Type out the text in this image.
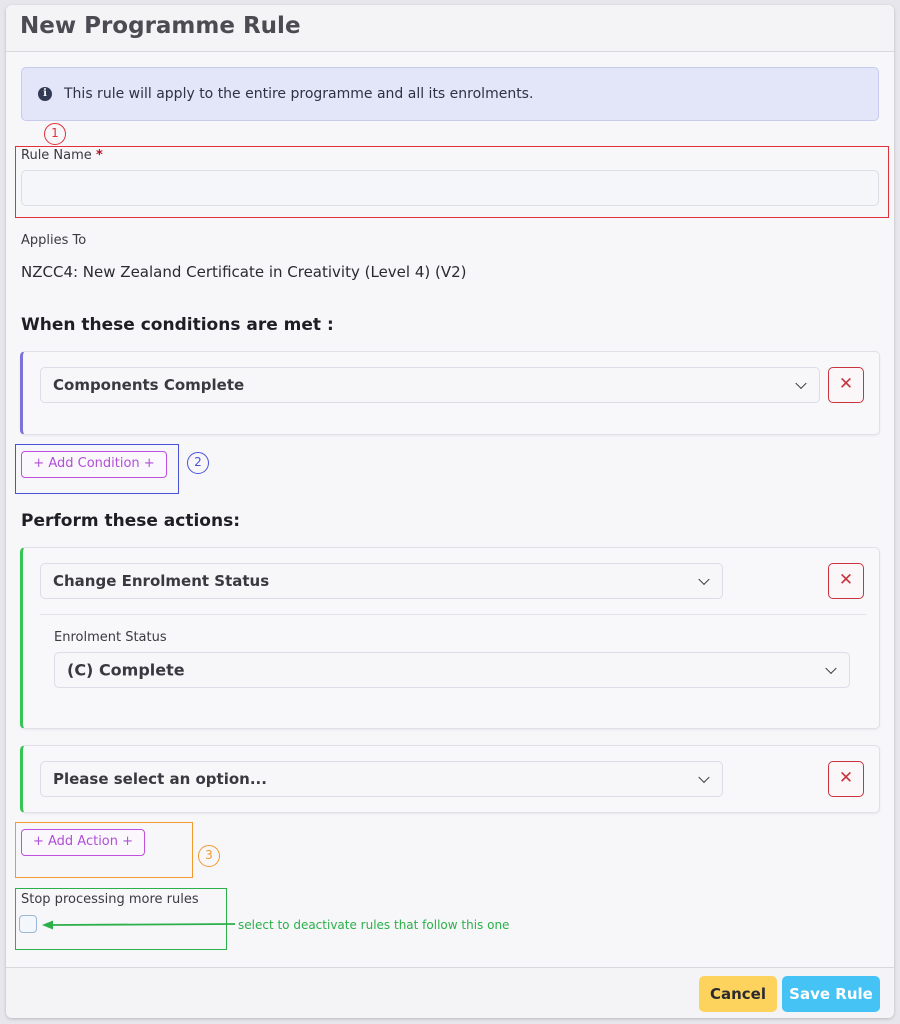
New Programme Rule
i	This rule will apply to the entire programme and all its enrolments.
1
Rule Name *
Applies To
NZCC4: New Zealand Certificate in Creativity (Level 4) (V2)
When these conditions are met :
Components Complete	✕
+ Add Condition +	2
Perform these actions:
Change Enrolment Status	✕
Enrolment Status
(C) Complete
Please select an option...	✕
+ Add Action +
3
Stop processing more rules
select to deactivate rules that follow this one
Cancel	Save Rule
